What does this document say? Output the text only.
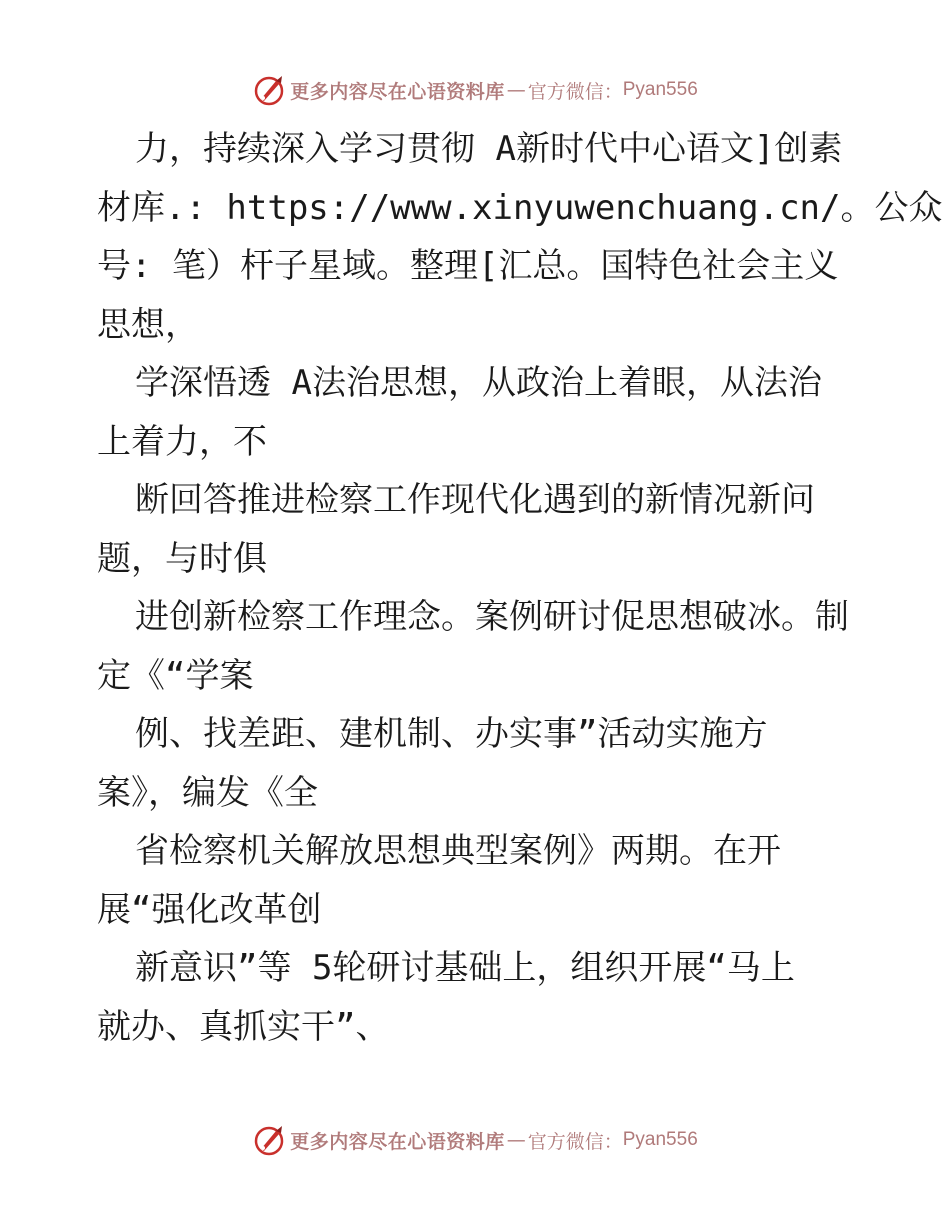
更多内容尽在心语资料库 — 官方微信： Pyan556
力，持续深入学习贯彻 A新时代中心语文]创素
材库.: https://www.xinyuwenchuang.cn/。公众
号: 笔）杆子星域。整理[汇总。国特色社会主义
思想，
学深悟透 A法治思想，从政治上着眼，从法治
上着力，不
断回答推进检察工作现代化遇到的新情况新问
题，与时俱
进创新检察工作理念。案例研讨促思想破冰。制
定《“学案
例、找差距、建机制、办实事”活动实施方
案》，编发《全
省检察机关解放思想典型案例》两期。在开
展“强化改革创
新意识”等 5轮研讨基础上，组织开展“马上
就办、真抓实干”、
更多内容尽在心语资料库 — 官方微信： Pyan556
